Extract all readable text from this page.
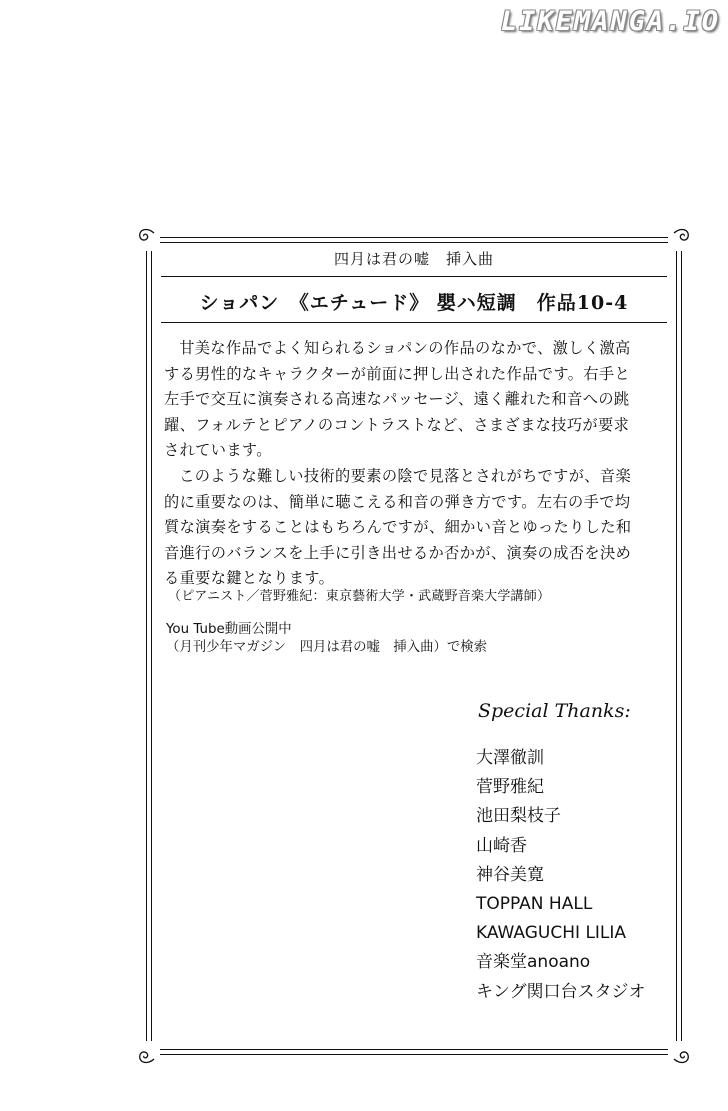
LIKEMANGA.IO
四月は君の嘘　挿入曲
ショパン　《エチュード》 嬰ハ短調　作品10-4
甘美な作品でよく知られるショパンの作品のなかで、激しく激高
する男性的なキャラクターが前面に押し出された作品です。右手と
左手で交互に演奏される高速なパッセージ、遠く離れた和音への跳
躍、フォルテとピアノのコントラストなど、さまざまな技巧が要求
されています。
このような難しい技術的要素の陰で見落とされがちですが、音楽
的に重要なのは、簡単に聴こえる和音の弾き方です。左右の手で均
質な演奏をすることはもちろんですが、細かい音とゆったりした和
音進行のバランスを上手に引き出せるか否かが、演奏の成否を決め
る重要な鍵となります。
（ピアニスト／菅野雅紀：東京藝術大学・武蔵野音楽大学講師）
You Tube動画公開中
（月刊少年マガジン　四月は君の嘘　挿入曲）で検索
Special Thanks:
大澤徹訓
菅野雅紀
池田梨枝子
山崎香
神谷美寛
TOPPAN HALL
KAWAGUCHI LILIA
音楽堂anoano
キング関口台スタジオ
